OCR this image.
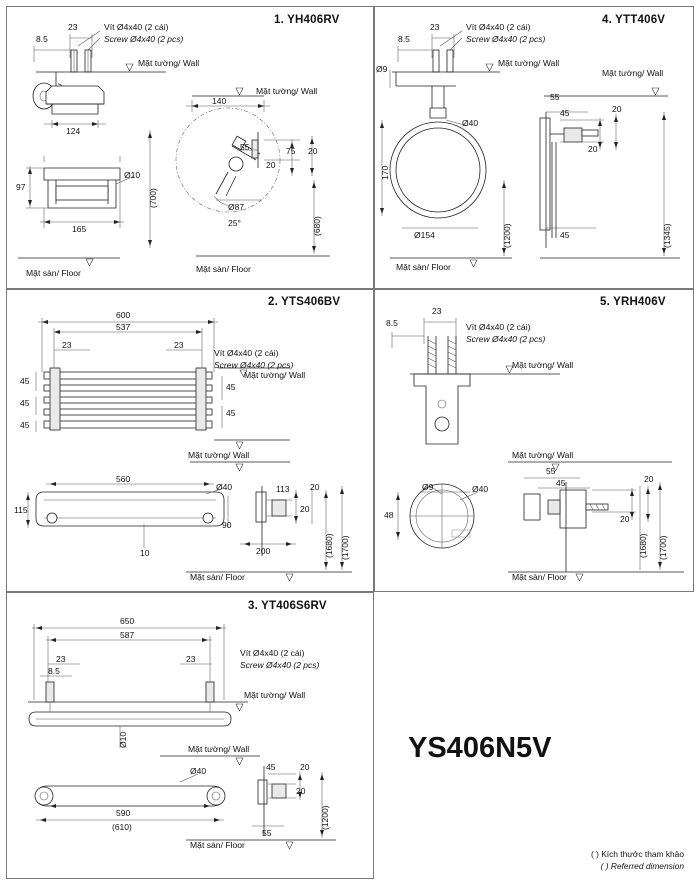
1. YH406RV
23
8.5
Vít Ø4x40 (2 cái)
Screw Ø4x40 (2 pcs)
Mặt tường/ Wall
124
97
165
(700)
Ø10
Mặt sàn/ Floor
Mặt tường/ Wall
140
55	75 20
20
Ø87
(680)
25°
Mặt sàn/ Floor
2. YTS406BV
600
537
23	23
45
45
45
45
45
Vít Ø4x40 (2 cái)
Screw Ø4x40 (2 pcs)
Mặt tường/ Wall
Mặt tường/ Wall
560
Ø40
115
90
10
113 20
20
200	(1680) (1700)
Mặt sàn/ Floor
3. YT406S6RV
650
587
23	23
8.5
Vít Ø4x40 (2 cái)
Screw Ø4x40 (2 pcs)
Mặt tường/ Wall
Ø10
Mặt tường/ Wall
Ø40
590
(610)
45	20
20
55
(1200)
Mặt sàn/ Floor
4. YTT406V
23
8.5
Vít Ø4x40 (2 cái)
Screw Ø4x40 (2 pcs)
Mặt tường/ Wall
Mặt tường/ Wall
Ø9
Ø40
170
Ø154	(1200)
Mặt sàn/ Floor
55
45	20
20
45	(1345)
5. YRH406V
23
8.5	Vít Ø4x40 (2 cái)
Screw Ø4x40 (2 pcs)
Mặt tường/ Wall
Ø9	Ø40
48
Mặt tường/ Wall
55
45	20
20
(1680) (1700)
Mặt sàn/ Floor
YS406N5V
( ) Kích thước tham khảo
( ) Referred dimension
